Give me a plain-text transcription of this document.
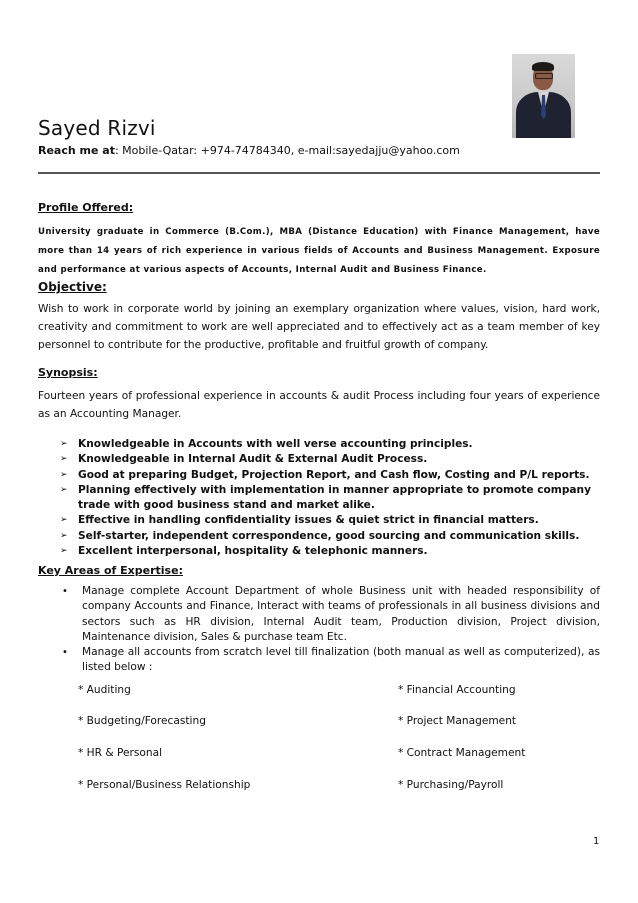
Sayed Rizvi
Reach me at: Mobile-Qatar: +974-74784340, e-mail:sayedajju@yahoo.com
Profile Offered:

University graduate in Commerce (B.Com.), MBA (Distance Education) with Finance Management, have more than 14 years of rich experience in various fields of Accounts and Business Management. Exposure and performance at various aspects of Accounts, Internal Audit and Business Finance.

Objective:

Wish to work in corporate world by joining an exemplary organization where values, vision, hard work, creativity and commitment to work are well appreciated and to effectively act as a team member of key personnel to contribute for the productive, profitable and fruitful growth of company.

Synopsis:

Fourteen years of professional experience in accounts & audit Process including four years of experience as an Accounting Manager.

➢ Knowledgeable in Accounts with well verse accounting principles.
➢ Knowledgeable in Internal Audit & External Audit Process.
➢ Good at preparing Budget, Projection Report, and Cash flow, Costing and P/L reports.
➢ Planning effectively with implementation in manner appropriate to promote company trade with good business stand and market alike.
➢ Effective in handling confidentiality issues & quiet strict in financial matters.
➢ Self-starter, independent correspondence, good sourcing and communication skills.
➢ Excellent interpersonal, hospitality & telephonic manners.
Key Areas of Expertise:
• Manage complete Account Department of whole Business unit with headed responsibility of company Accounts and Finance, Interact with teams of professionals in all business divisions and sectors such as HR division, Internal Audit team, Production division, Project division, Maintenance division, Sales & purchase team Etc.
• Manage all accounts from scratch level till finalization (both manual as well as computerized), as listed below :
* Auditing
* Budgeting/Forecasting
* HR & Personal
* Personal/Business Relationship
* Financial Accounting
* Project Management
* Contract Management
* Purchasing/Payroll
1
